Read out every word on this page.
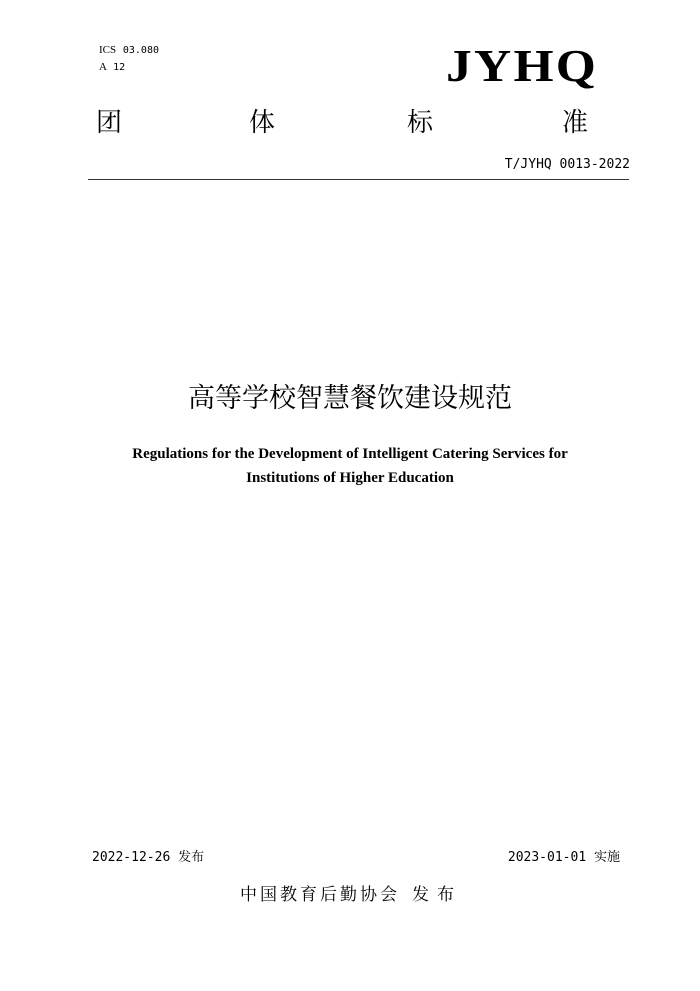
ICS 03.080
A 12	JYHQ
团	体	标	准
T/JYHQ 0013-2022
高等学校智慧餐饮建设规范
Regulations for the Development of Intelligent Catering Services for
Institutions of Higher Education
2022-12-26 发布	2023-01-01 实施
中国教育后勤协会 发布
